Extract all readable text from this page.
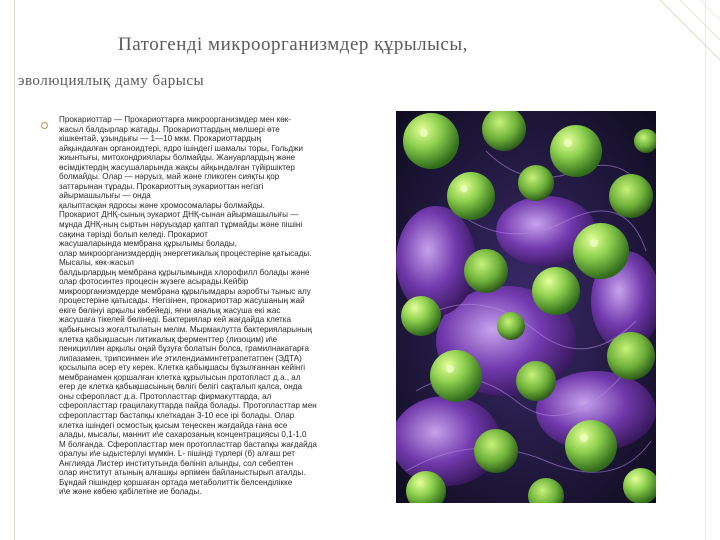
Патогенді микроорганизмдер құрылысы,
эволюциялық даму барысы
Прокариоттар — Прокариоттарға микроорганизмдер мен көк-
жасыл балдырлар жатады. Прокариоттардың мөлшері өте
кішкентай, ұзындығы — 1—10 мкм. Прокариоттардың
айқындалған органоидтері, ядро ішіндегі шамалы торы, Гольджи
жиынтығы, митохондриялары болмайды. Жануарлардың және
өсімдіктердің жасушаларында жақсы айқындалған түйіршіктер
болмайды. Олар — нәруыз, май және гликоген сияқты қор
заттарынан тұрады. Прокариоттың эукариоттан негізгі
айырмашылығы — онда
қалыптасқан ядросы және хромосомалары болмайды.
Прокариот ДНҚ-сының эукариот ДНҚ-сынан айырмашылығы —
мұнда ДНҚ-ның сыртын нәруыздар қаптап тұрмайды және пішіні
сақина тәрізді болып келеді. Прокариот
жасушаларында мембрана құрылымы болады,
олар микроорганизмдердің энергетикалық процестеріне қатысады.
Мысалы, көк-жасыл
балдырлардың мембрана құрылымында хлорофилл болады және
олар фотосинтез процесін жүзеге асырады.Кейбір
микроорганизмдерде мембрана құрылымдары аэробты тыныс алу
процестеріне қатысады. Негізінен, прокариоттар жасушаның жай
екіге бөлінуі арқылы көбейеді, яғни аналық жасуша екі жас
жасушаға тікелей бөлінеді. Бактериялар кей жағдайда клетка
қабығынсыз жоғалтылатын мелім. Мырмаклутта бактерияларының
клетка қабықшасын литикалық ферменттер (лизоцим) и\е
пенициллин арқылы оңай бұзуға болатын болса, грамилнакатарға
липазамен, трипсинмен и\е этилендиаминтетрапетатпен (ЭДТА)
қосылыпа әсер ету керек. Клетка қабықшасы бұзылғаннан кейінгі
мембранамен қоршалған клетка құрылысын протопласт д.а., ал
егер де клетка қабықшасының бөлігі белігі сақталып қалса, онда
оны сферопласт д.а. Протопласттар фирмакуттарда, ал
сферопласттар грацилакуттарда пайда болады. Протопласттар мен
сферопласттар бастапқы клеткадан 3-10 есе ірі болады. Олар
клетка ішіндегі осмостық қысым теңескен жағдайда ғана өсе
алады, мысалы, маннит и\е сахарозаның концентрациясы 0,1-1,0
М болғанда. Сферопласттар мен протопласттар бастапқы жағдайда
оралуы и\е ыдыстерлуі мүмкін. L- пішінді түрлері (б) алғаш рет
Англияда Листер институтында бөлініп алынды, сол себептен
олар институт атының алғашқы әрпімен байланыстырып аталды.
Бұндай пішіндер қоршаған ортада метаболиттік белсенділікке
и\е және көбею қабілетіне ие болады.
